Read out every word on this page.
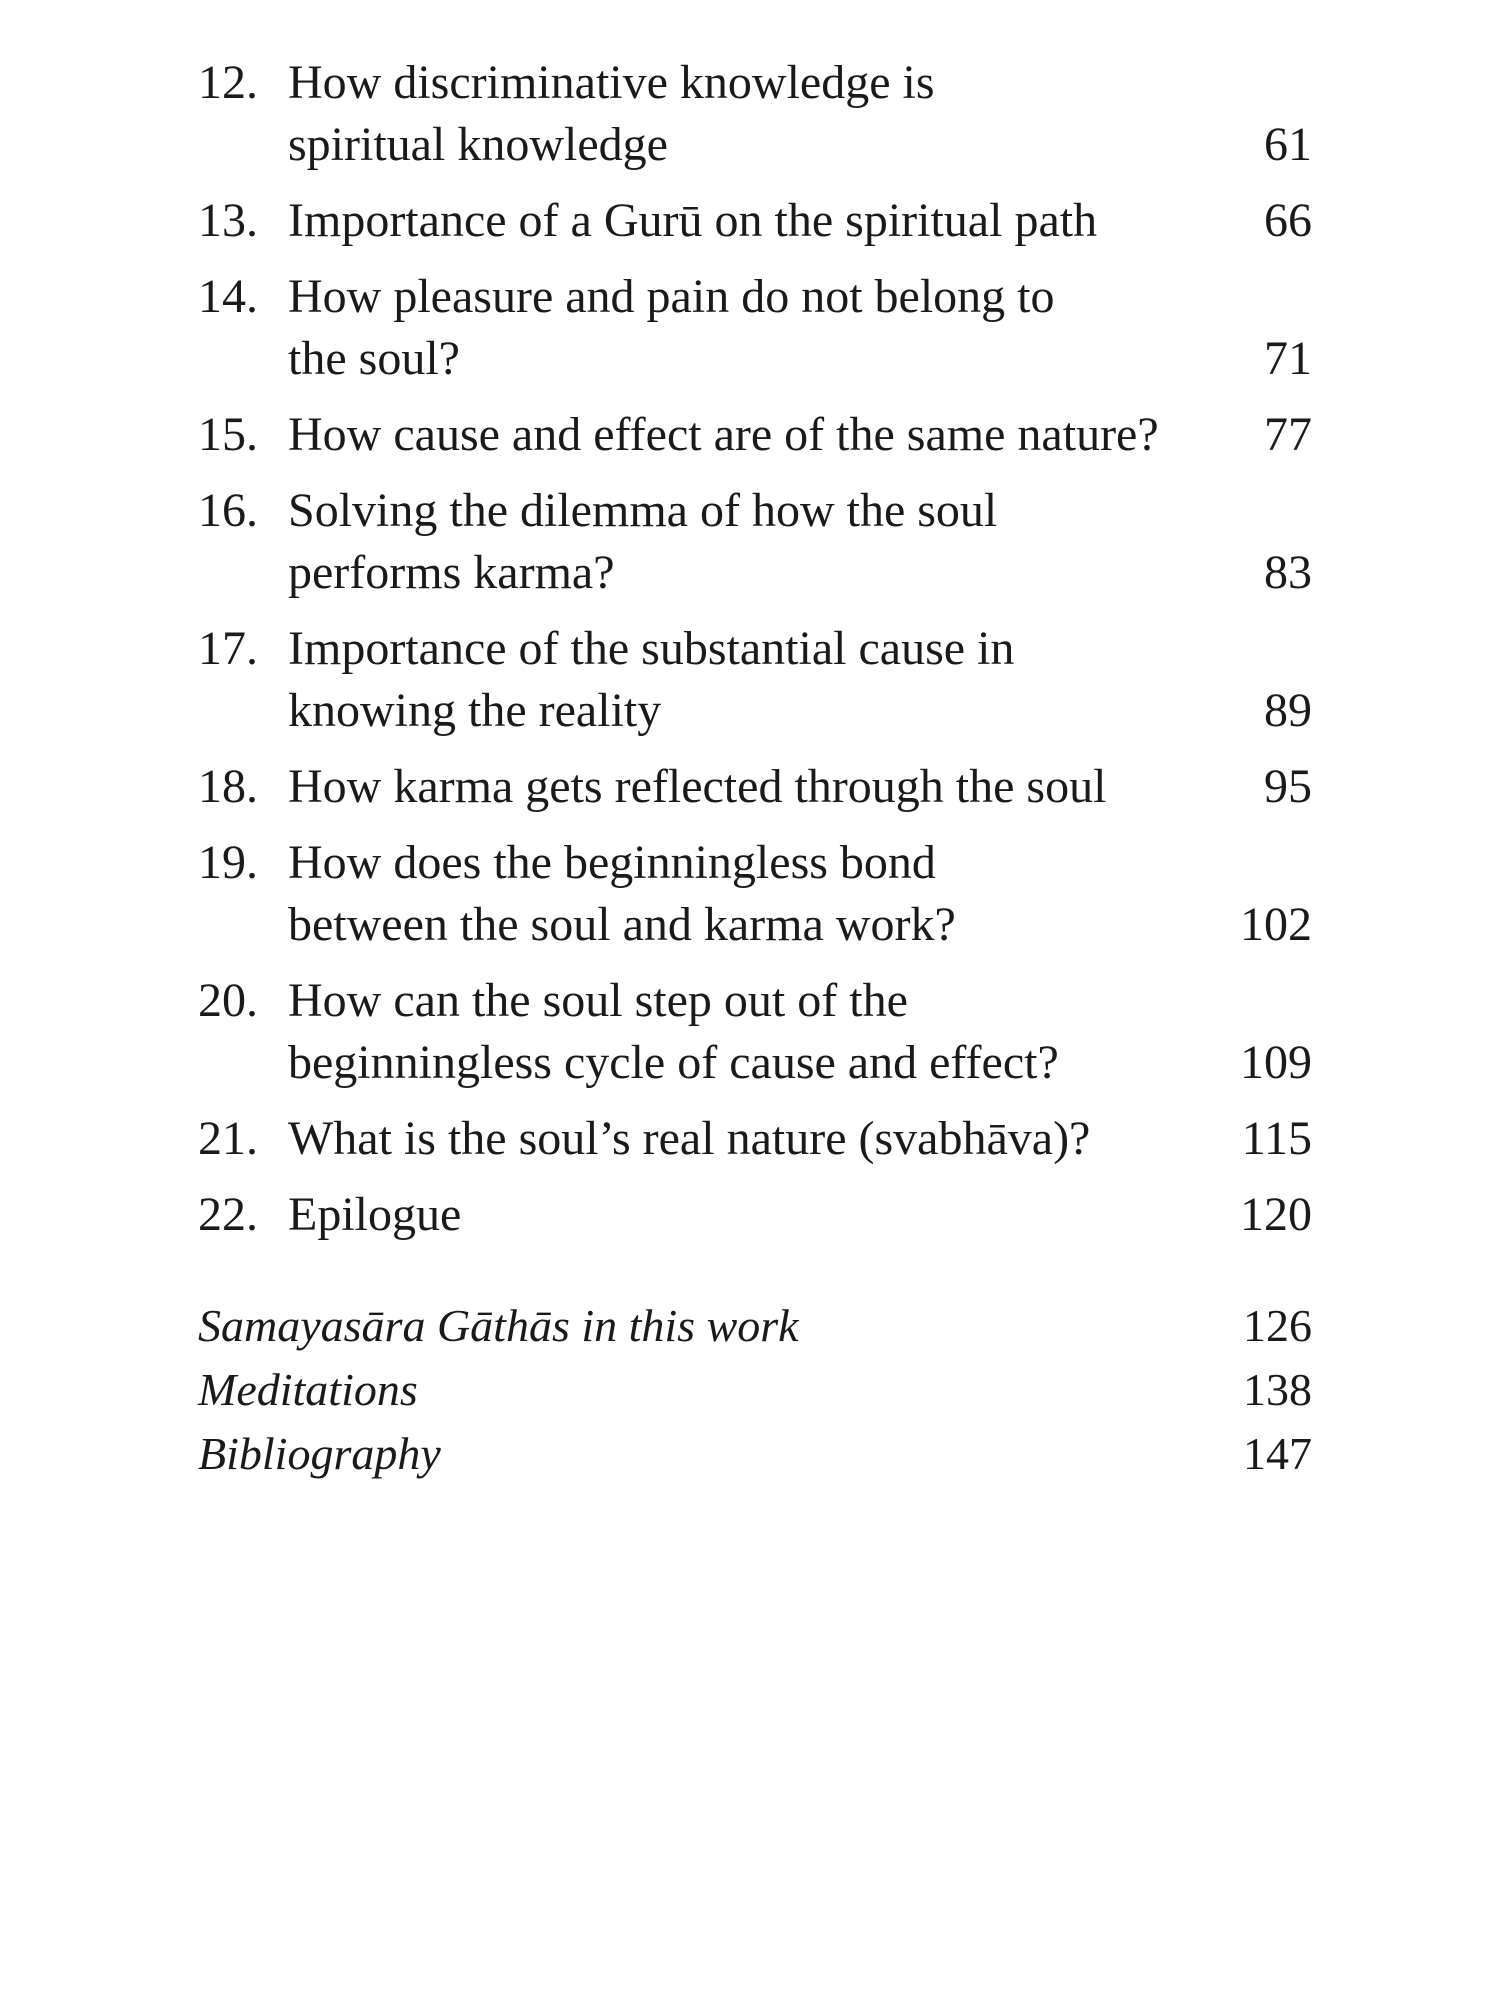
12. How discriminative knowledge is
spiritual knowledge	61
13. Importance of a Gurū on the spiritual path	66
14. How pleasure and pain do not belong to
the soul?	71
15. How cause and effect are of the same nature?	77
16. Solving the dilemma of how the soul
performs karma?	83
17. Importance of the substantial cause in
knowing the reality	89
18. How karma gets reflected through the soul	95
19. How does the beginningless bond
between the soul and karma work?	102
20. How can the soul step out of the
beginningless cycle of cause and effect?	109
21. What is the soul’s real nature (svabhāva)?	115
22. Epilogue	120
Samayasāra Gāthās in this work	126
Meditations	138
Bibliography	147
